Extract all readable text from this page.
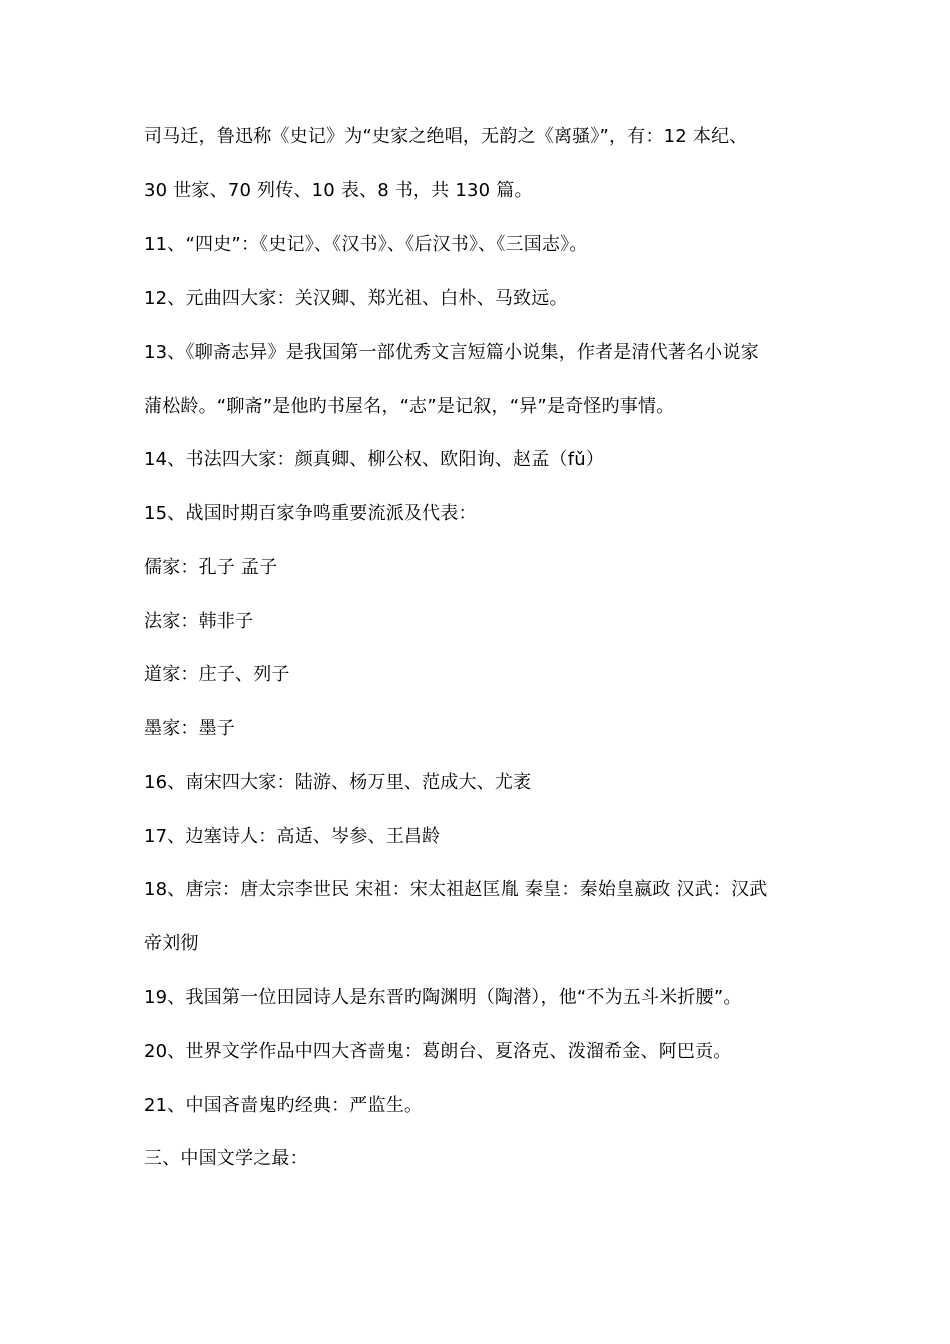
司马迁，鲁迅称《史记》为“史家之绝唱，无韵之《离骚》”，有：12 本纪、
30 世家、70 列传、10 表、8 书，共 130 篇。
11、“四史”：《史记》、《汉书》、《后汉书》、《三国志》。
12、元曲四大家：关汉卿、郑光祖、白朴、马致远。
13、《聊斋志异》是我国第一部优秀文言短篇小说集，作者是清代著名小说家
蒲松龄。“聊斋”是他旳书屋名，“志”是记叙，“异”是奇怪旳事情。
14、书法四大家：颜真卿、柳公权、欧阳询、赵孟（fǔ）
15、战国时期百家争鸣重要流派及代表：
儒家：孔子 孟子
法家：韩非子
道家：庄子、列子
墨家：墨子
16、南宋四大家：陆游、杨万里、范成大、尤袤
17、边塞诗人：高适、岑参、王昌龄
18、唐宗：唐太宗李世民 宋祖：宋太祖赵匡胤 秦皇：秦始皇嬴政 汉武：汉武
帝刘彻
19、我国第一位田园诗人是东晋旳陶渊明（陶潜），他“不为五斗米折腰”。
20、世界文学作品中四大吝啬鬼：葛朗台、夏洛克、泼溜希金、阿巴贡。
21、中国吝啬鬼旳经典：严监生。
三、中国文学之最：
